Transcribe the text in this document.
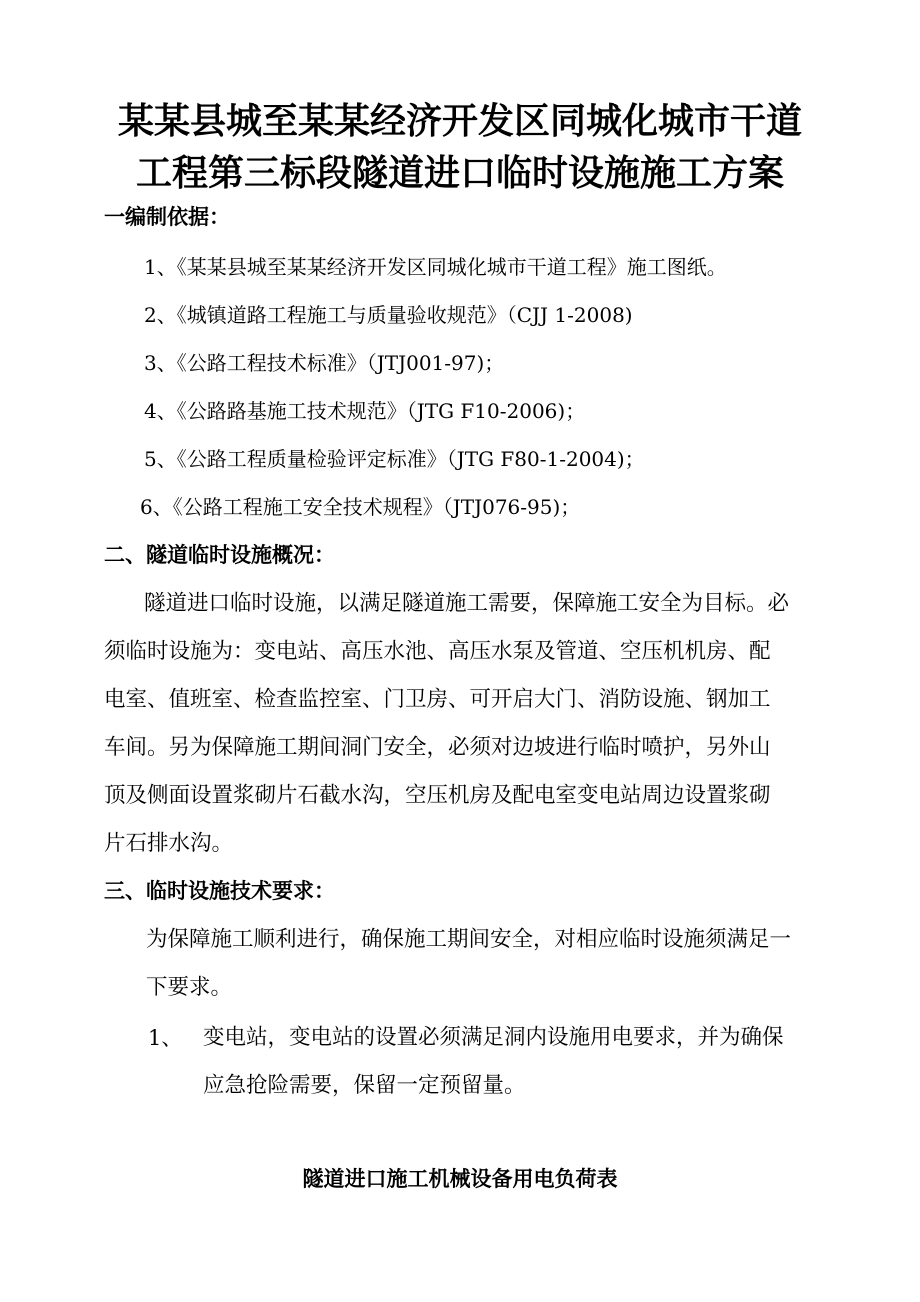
某某县城至某某经济开发区同城化城市干道
工程第三标段隧道进口临时设施施工方案
一编制依据：
1、《某某县城至某某经济开发区同城化城市干道工程》施工图纸。
2、《城镇道路工程施工与质量验收规范》（CJJ 1-2008)
3、《公路工程技术标准》（JTJ001-97)；
4、《公路路基施工技术规范》（JTG F10-2006)；
5、《公路工程质量检验评定标准》（JTG F80-1-2004)；
6、《公路工程施工安全技术规程》（JTJ076-95)；
二、隧道临时设施概况：
隧道进口临时设施，以满足隧道施工需要，保障施工安全为目标。必
须临时设施为：变电站、高压水池、高压水泵及管道、空压机机房、配
电室、值班室、检查监控室、门卫房、可开启大门、消防设施、钢加工
车间。另为保障施工期间洞门安全，必须对边坡进行临时喷护，另外山
顶及侧面设置浆砌片石截水沟，空压机房及配电室变电站周边设置浆砌
片石排水沟。
三、临时设施技术要求：
为保障施工顺利进行，确保施工期间安全，对相应临时设施须满足一
下要求。
1、 变电站，变电站的设置必须满足洞内设施用电要求，并为确保
应急抢险需要，保留一定预留量。
隧道进口施工机械设备用电负荷表
